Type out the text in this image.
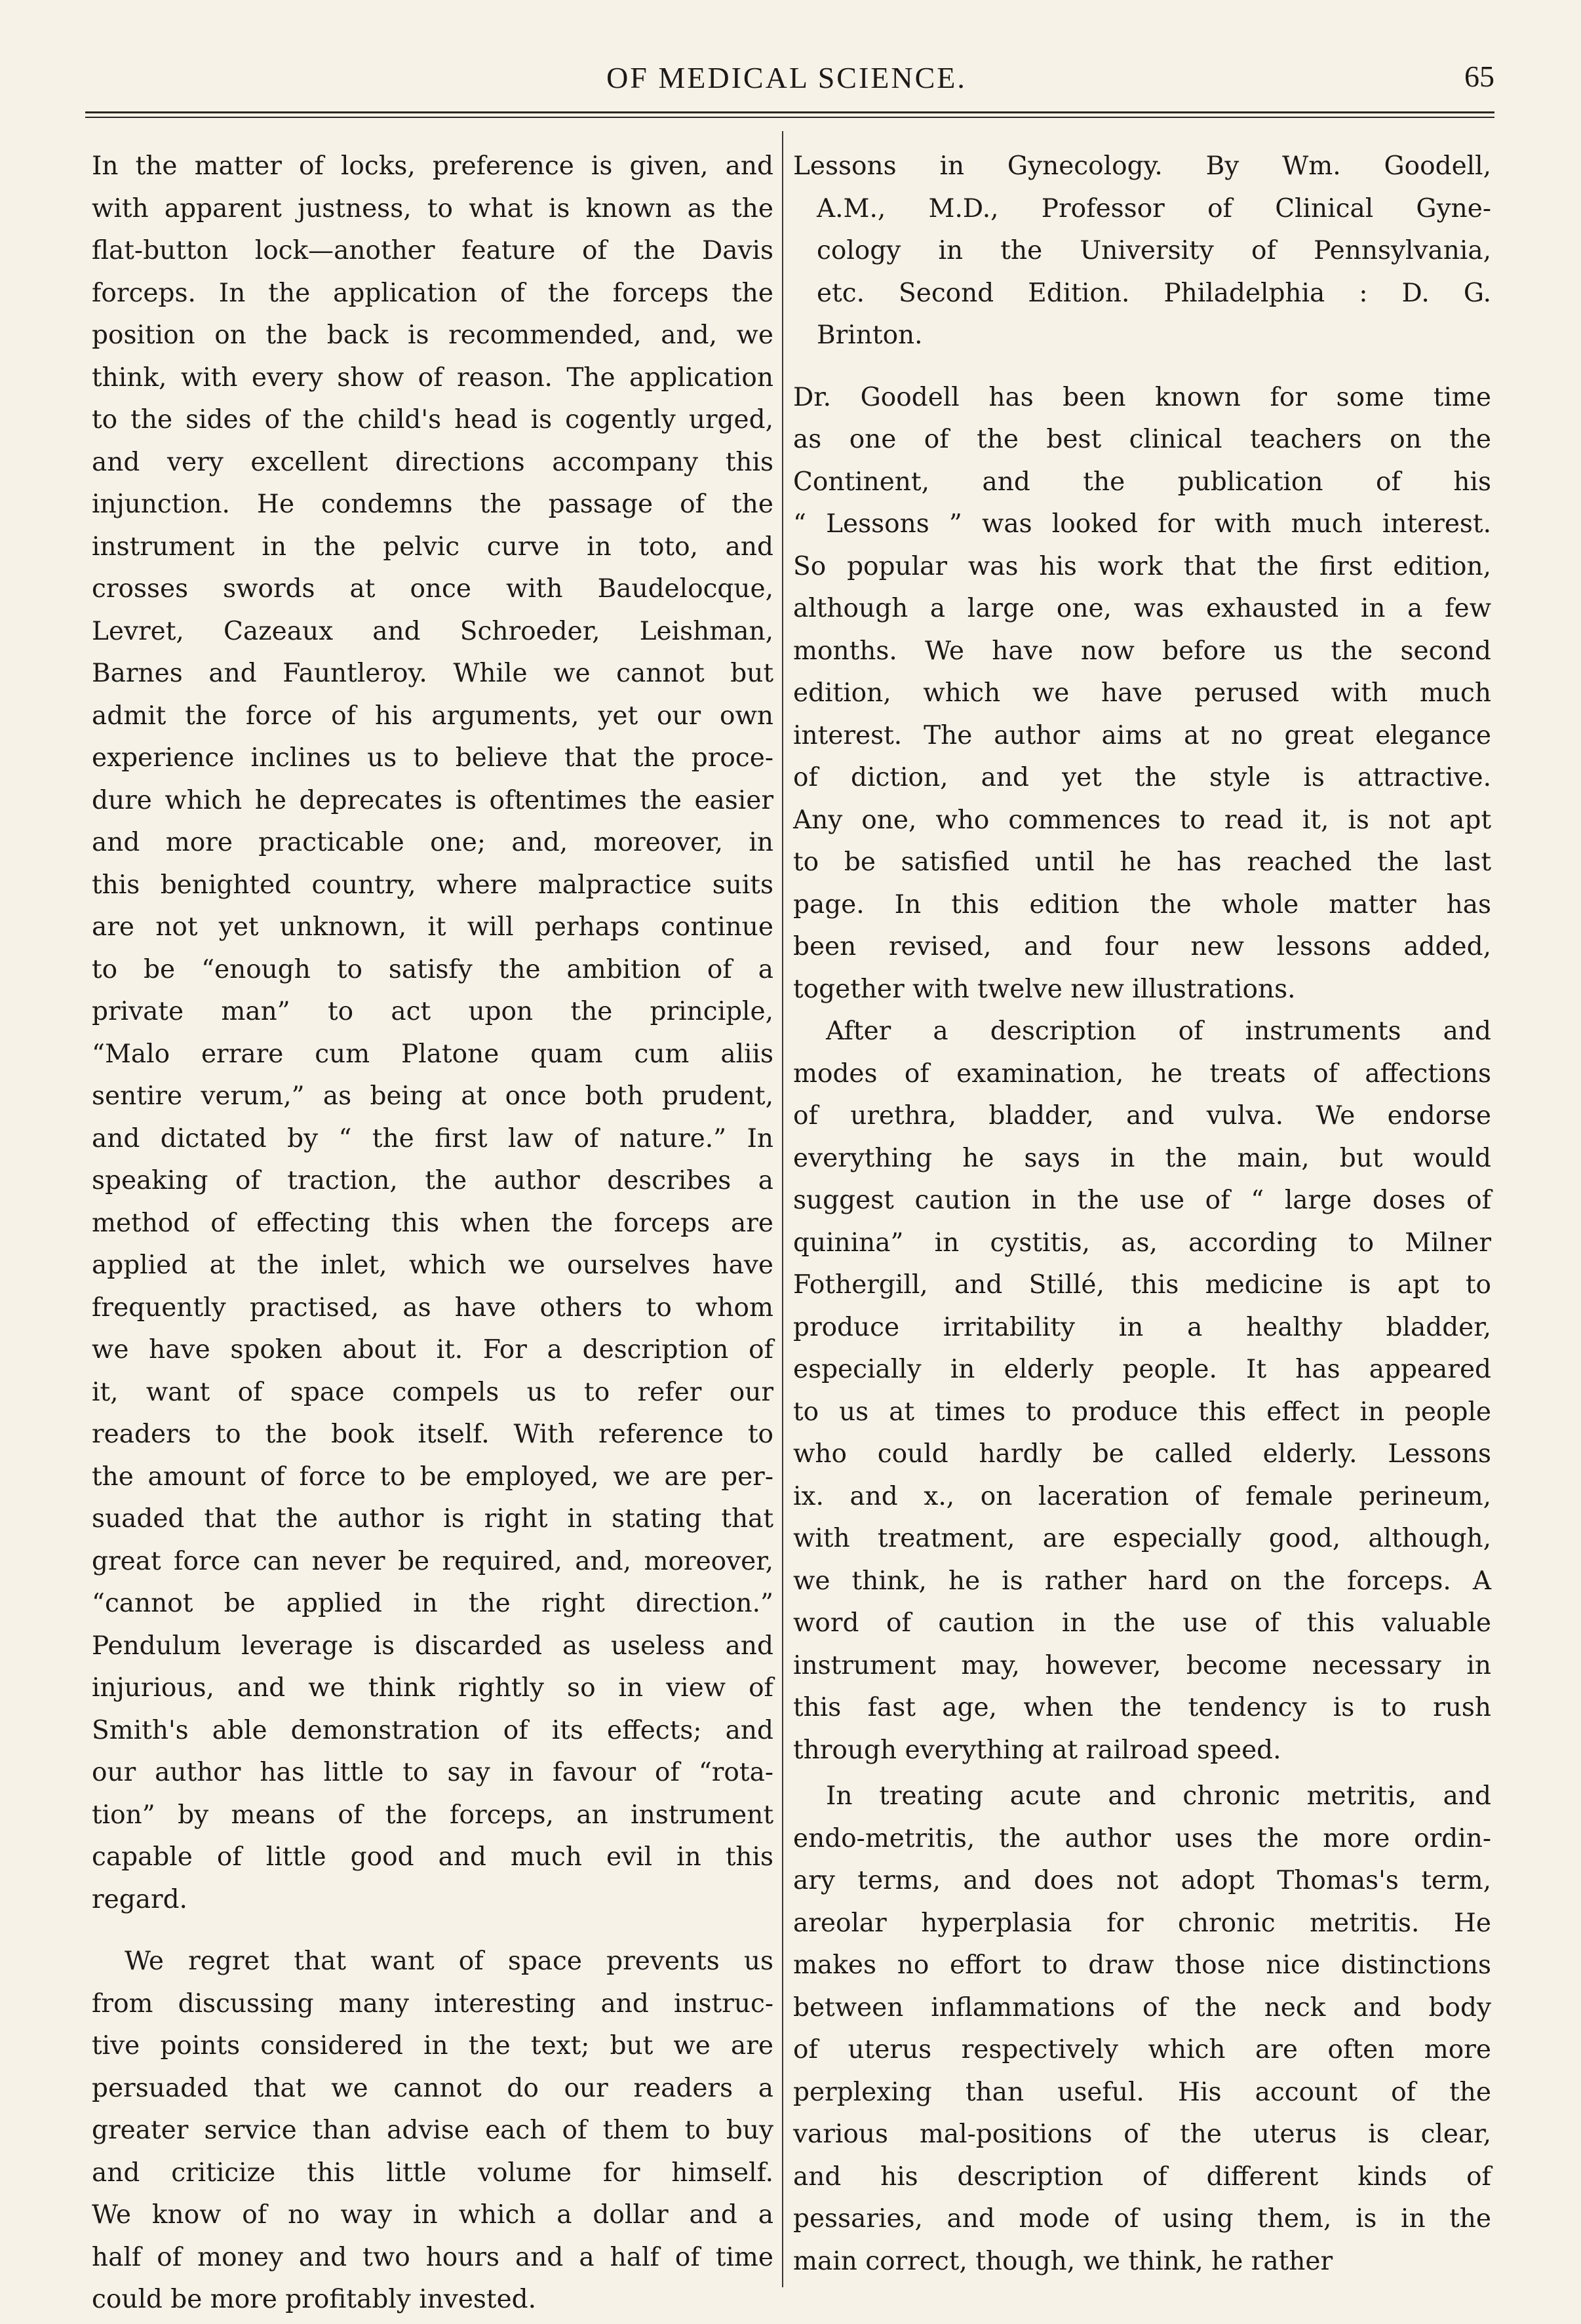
OF MEDICAL SCIENCE.	65
In the matter of locks, preference is given, and
with apparent justness, to what is known as the
flat-button lock—another feature of the Davis
forceps. In the application of the forceps the
position on the back is recommended, and, we
think, with every show of reason. The application
to the sides of the child's head is cogently urged,
and very excellent directions accompany this
injunction. He condemns the passage of the
instrument in the pelvic curve in toto, and
crosses swords at once with Baudelocque,
Levret, Cazeaux and Schroeder, Leishman,
Barnes and Fauntleroy. While we cannot but
admit the force of his arguments, yet our own
experience inclines us to believe that the proce-
dure which he deprecates is oftentimes the easier
and more practicable one; and, moreover, in
this benighted country, where malpractice suits
are not yet unknown, it will perhaps continue
to be “enough to satisfy the ambition of a
private man” to act upon the principle,
“Malo errare cum Platone quam cum aliis
sentire verum,” as being at once both prudent,
and dictated by “ the first law of nature.” In
speaking of traction, the author describes a
method of effecting this when the forceps are
applied at the inlet, which we ourselves have
frequently practised, as have others to whom
we have spoken about it. For a description of
it, want of space compels us to refer our
readers to the book itself. With reference to
the amount of force to be employed, we are per-
suaded that the author is right in stating that
great force can never be required, and, moreover,
“cannot be applied in the right direction.”
Pendulum leverage is discarded as useless and
injurious, and we think rightly so in view of
Smith's able demonstration of its effects; and
our author has little to say in favour of “rota-
tion” by means of the forceps, an instrument
capable of little good and much evil in this
regard.
We regret that want of space prevents us
from discussing many interesting and instruc-
tive points considered in the text; but we are
persuaded that we cannot do our readers a
greater service than advise each of them to buy
and criticize this little volume for himself.
We know of no way in which a dollar and a
half of money and two hours and a half of time
could be more profitably invested.
Lessons in Gynecology. By Wm. Goodell,
A.M., M.D., Professor of Clinical Gyne-
cology in the University of Pennsylvania,
etc. Second Edition. Philadelphia : D. G.
Brinton.
Dr. Goodell has been known for some time
as one of the best clinical teachers on the
Continent, and the publication of his
“ Lessons ” was looked for with much interest.
So popular was his work that the first edition,
although a large one, was exhausted in a few
months. We have now before us the second
edition, which we have perused with much
interest. The author aims at no great elegance
of diction, and yet the style is attractive.
Any one, who commences to read it, is not apt
to be satisfied until he has reached the last
page. In this edition the whole matter has
been revised, and four new lessons added,
together with twelve new illustrations.
After a description of instruments and
modes of examination, he treats of affections
of urethra, bladder, and vulva. We endorse
everything he says in the main, but would
suggest caution in the use of “ large doses of
quinina” in cystitis, as, according to Milner
Fothergill, and Stillé, this medicine is apt to
produce irritability in a healthy bladder,
especially in elderly people. It has appeared
to us at times to produce this effect in people
who could hardly be called elderly. Lessons
ix. and x., on laceration of female perineum,
with treatment, are especially good, although,
we think, he is rather hard on the forceps. A
word of caution in the use of this valuable
instrument may, however, become necessary in
this fast age, when the tendency is to rush
through everything at railroad speed.
In treating acute and chronic metritis, and
endo-metritis, the author uses the more ordin-
ary terms, and does not adopt Thomas's term,
areolar hyperplasia for chronic metritis. He
makes no effort to draw those nice distinctions
between inflammations of the neck and body
of uterus respectively which are often more
perplexing than useful. His account of the
various mal-positions of the uterus is clear,
and his description of different kinds of
pessaries, and mode of using them, is in the
main correct, though, we think, he rather
